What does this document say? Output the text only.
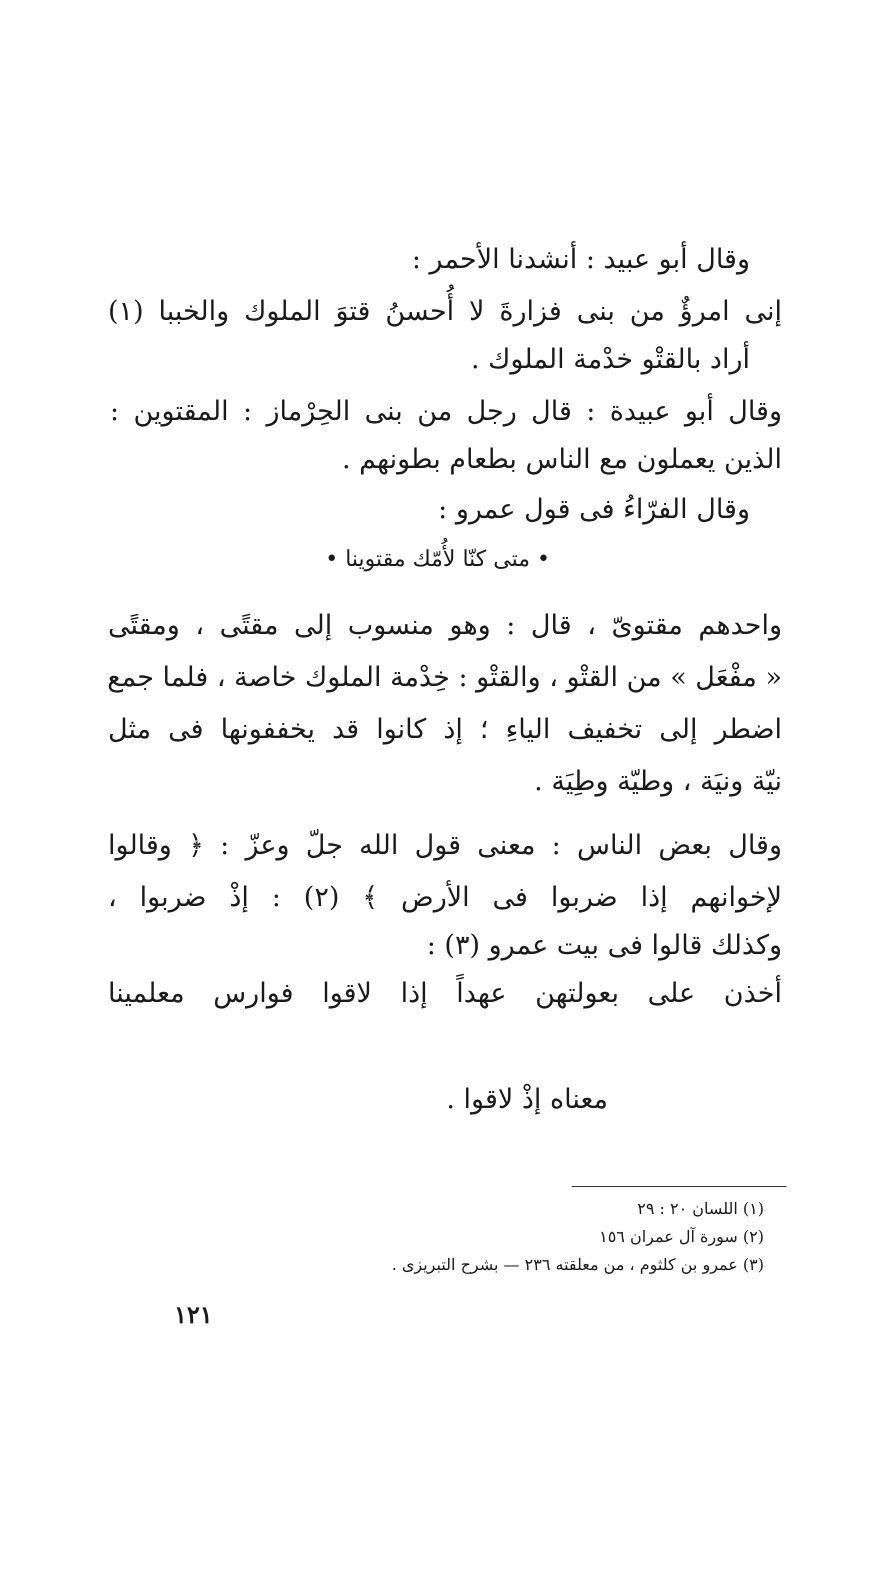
وقال أبو عبيد : أنشدنا الأحمر :
إنى امرؤٌ من بنى فزارةَ لا أُحسنُ قتوَ الملوك والخببا (١)
أراد بالقتْو خدْمة الملوك .
وقال أبو عبيدة : قال رجل من بنى الحِرْماز : المقتوين :
الذين يعملون مع الناس بطعام بطونهم .
وقال الفرّاءُ فى قول عمرو :
• متى كنّا لأُمّك مقتوينا •
واحدهم مقتوىّ ، قال : وهو منسوب إلى مقتًى ، ومقتًى
« مفْعَل » من القتْو ، والقتْو : خِدْمة الملوك خاصة ، فلما جمع
اضطر إلى تخفيف الياءِ ؛ إذ كانوا قد يخففونها فى مثل
نيّة ونيَة ، وطيّة وطِيَة .
وقال بعض الناس : معنى قول الله جلّ وعزّ : ﴿ وقالوا
لإخوانهم إذا ضربوا فى الأرض ﴾ (٢) : إذْ ضربوا ،
وكذلك قالوا فى بيت عمرو (٣) :
أخذن على بعولتهن عهداً إذا لاقوا فوارس معلمينا
معناه إذْ لاقوا .
(١) اللسان ٢٠ : ٢٩
(٢) سورة آل عمران ١٥٦
(٣) عمرو بن كلثوم ، من معلقته ٢٣٦ — بشرح التبريزى .
١٢١
